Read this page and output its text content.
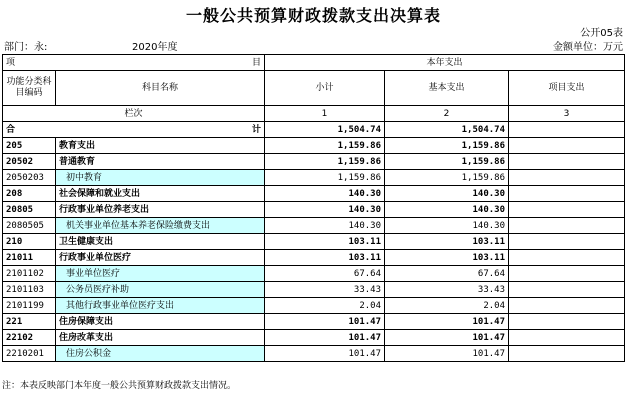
一般公共预算财政拨款支出决算表
公开05表
部门：永:	2020年度	金额单位：万元
项 目		本年支出		
功能分类科目编码	科目名称	小计	基本支出	项目支出
栏次		1	2	3
合 计		1,504.74	1,504.74	
205	教育支出	1,159.86	1,159.86	
20502	普通教育	1,159.86	1,159.86	
2050203	初中教育	1,159.86	1,159.86	
208	社会保障和就业支出	140.30	140.30	
20805	行政事业单位养老支出	140.30	140.30	
2080505	机关事业单位基本养老保险缴费支出	140.30	140.30	
210	卫生健康支出	103.11	103.11	
21011	行政事业单位医疗	103.11	103.11	
2101102	事业单位医疗	67.64	67.64	
2101103	公务员医疗补助	33.43	33.43	
2101199	其他行政事业单位医疗支出	2.04	2.04	
221	住房保障支出	101.47	101.47	
22102	住房改革支出	101.47	101.47	
2210201	住房公积金	101.47	101.47	
注：本表反映部门本年度一般公共预算财政拨款支出情况。
